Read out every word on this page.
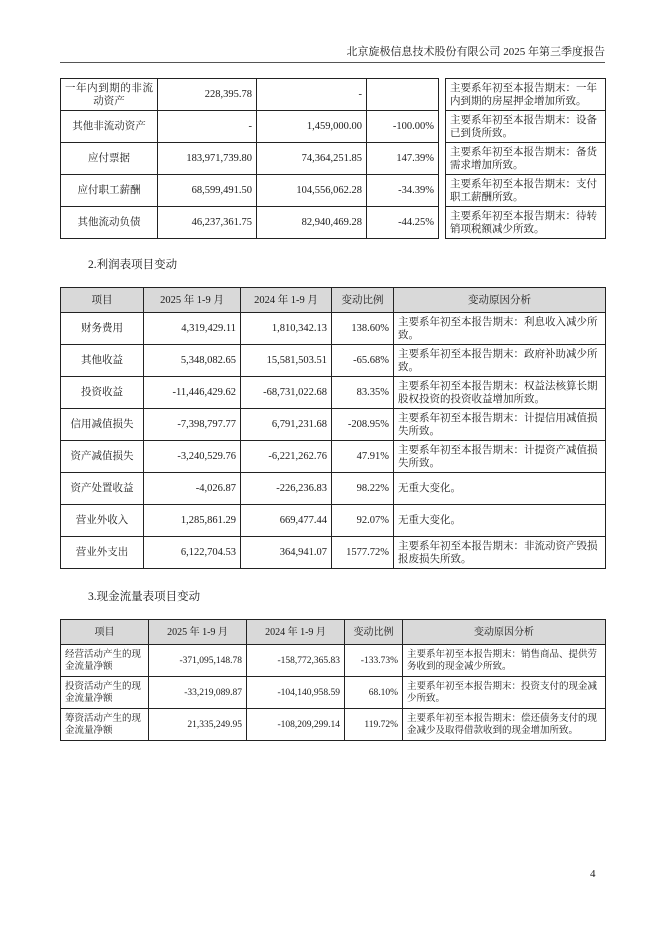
北京旋极信息技术股份有限公司 2025 年第三季度报告
一年内到期的非流动资产	228,395.78	-			主要系年初至本报告期末：一年内到期的房屋押金增加所致。
其他非流动资产	-	1,459,000.00	-100.00%		主要系年初至本报告期末：设备已到货所致。
应付票据	183,971,739.80	74,364,251.85	147.39%		主要系年初至本报告期末：备货需求增加所致。
应付职工薪酬	68,599,491.50	104,556,062.28	-34.39%		主要系年初至本报告期末：支付职工薪酬所致。
其他流动负债	46,237,361.75	82,940,469.28	-44.25%		主要系年初至本报告期末：待转销项税额减少所致。
2.利润表项目变动
项目	2025 年 1-9 月	2024 年 1-9 月	变动比例	变动原因分析
财务费用	4,319,429.11	1,810,342.13	138.60%	主要系年初至本报告期末：利息收入减少所致。
其他收益	5,348,082.65	15,581,503.51	-65.68%	主要系年初至本报告期末：政府补助减少所致。
投资收益	-11,446,429.62	-68,731,022.68	83.35%	主要系年初至本报告期末：权益法核算长期股权投资的投资收益增加所致。
信用减值损失	-7,398,797.77	6,791,231.68	-208.95%	主要系年初至本报告期末：计提信用减值损失所致。
资产减值损失	-3,240,529.76	-6,221,262.76	47.91%	主要系年初至本报告期末：计提资产减值损失所致。
资产处置收益	-4,026.87	-226,236.83	98.22%	无重大变化。
营业外收入	1,285,861.29	669,477.44	92.07%	无重大变化。
营业外支出	6,122,704.53	364,941.07	1577.72%	主要系年初至本报告期末：非流动资产毁损报废损失所致。
3.现金流量表项目变动
项目	2025 年 1-9 月	2024 年 1-9 月	变动比例	变动原因分析
经营活动产生的现金流量净额	-371,095,148.78	-158,772,365.83	-133.73%	主要系年初至本报告期末：销售商品、提供劳务收到的现金减少所致。
投资活动产生的现金流量净额	-33,219,089.87	-104,140,958.59	68.10%	主要系年初至本报告期末：投资支付的现金减少所致。
筹资活动产生的现金流量净额	21,335,249.95	-108,209,299.14	119.72%	主要系年初至本报告期末：偿还债务支付的现金减少及取得借款收到的现金增加所致。
4
